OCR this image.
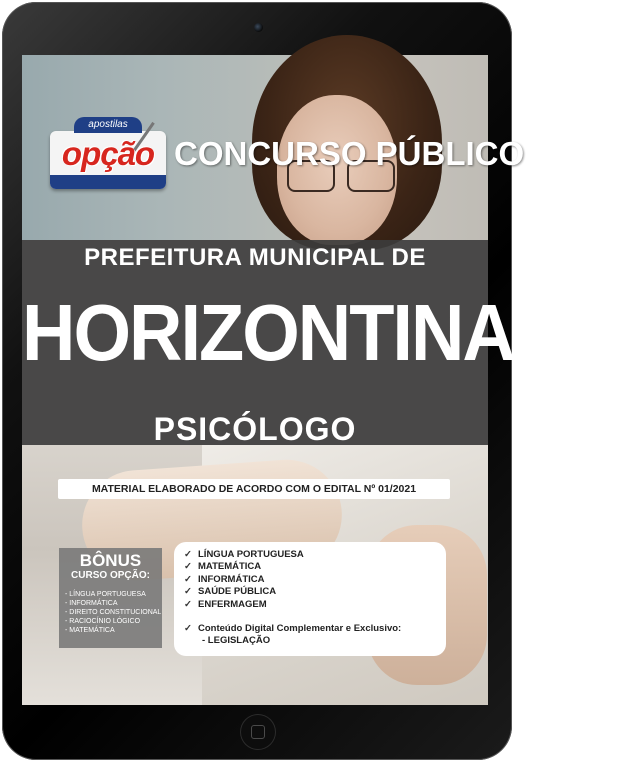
apostilas
opção CONCURSO PÚBLICO
PREFEITURA MUNICIPAL DE
HORIZONTINA/RS
PSICÓLOGO
MATERIAL ELABORADO DE ACORDO COM O EDITAL Nº 01/2021
BÔNUS
CURSO OPÇÃO:
- LÍNGUA PORTUGUESA
- INFORMÁTICA
- DIREITO CONSTITUCIONAL
- RACIOCÍNIO LÓGICO
- MATEMÁTICA
✓ LÍNGUA PORTUGUESA
✓ MATEMÁTICA
✓ INFORMÁTICA
✓ SAÚDE PÚBLICA
✓ ENFERMAGEM
✓ Conteúdo Digital Complementar e Exclusivo:
- LEGISLAÇÃO
